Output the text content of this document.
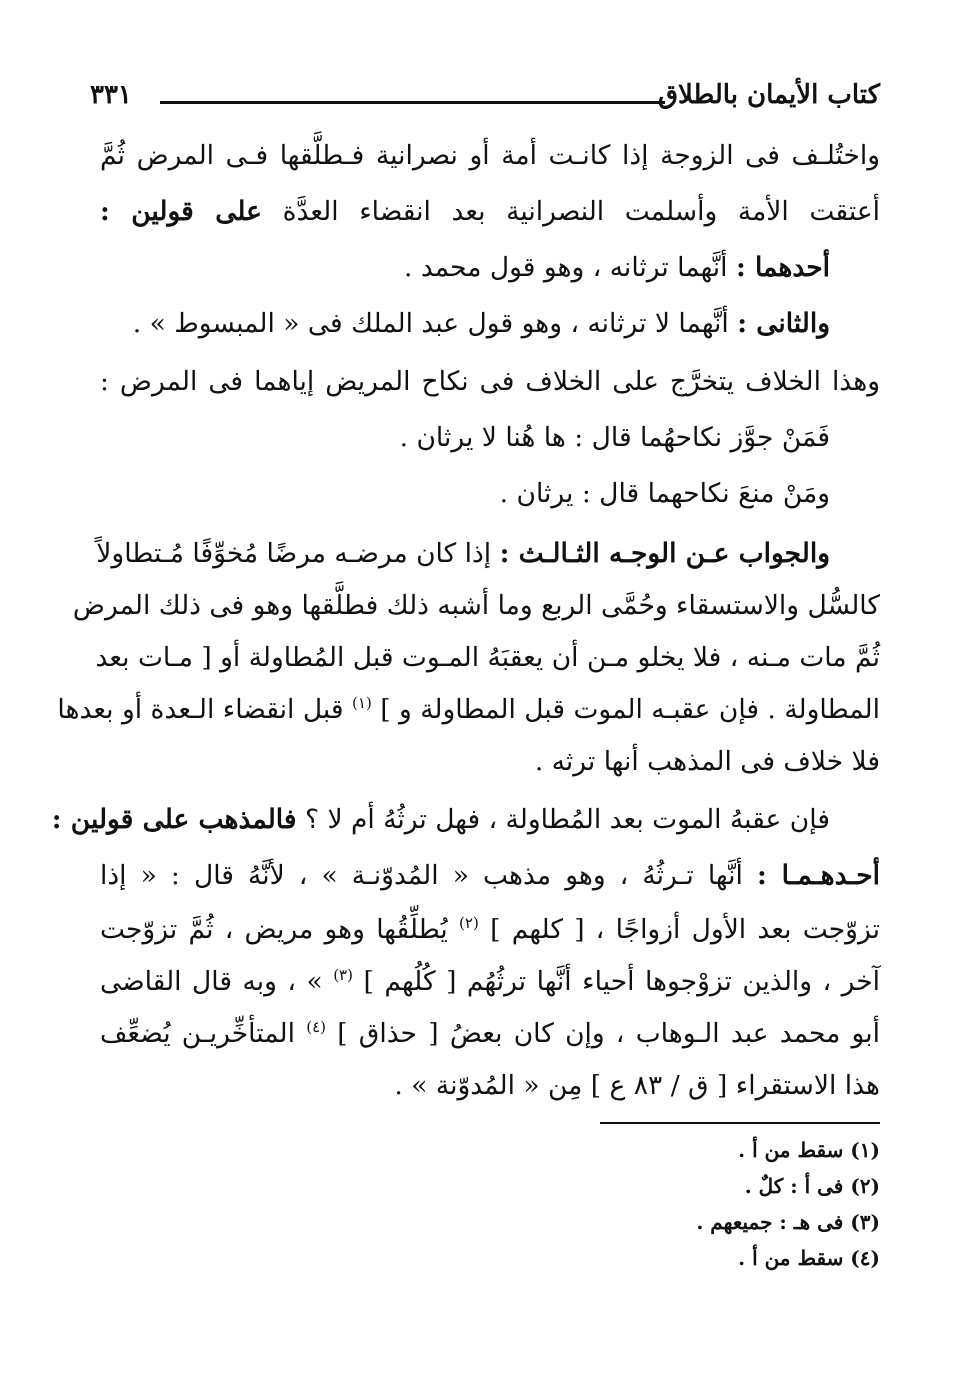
كتاب الأيمان بالطلاق
٣٣١
واختُلـف فى الزوجة إذا كانـت أمة أو نصرانية فـطلَّقها فـى المرض ثُمَّ
أعتقت الأمة وأسلمت النصرانية بعد انقضاء العدَّة على قولين :
أحدهما : أنَّهما ترثانه ، وهو قول محمد .
والثانى : أنَّهما لا ترثانه ، وهو قول عبد الملك فى « المبسوط » .
وهذا الخلاف يتخرَّج على الخلاف فى نكاح المريض إياهما فى المرض :
فَمَنْ جوَّز نكاحهُما قال : ها هُنا لا يرثان .
ومَنْ منعَ نكاحهما قال : يرثان .
والجواب عـن الوجـه الثـالـث : إذا كان مرضـه مرضًا مُخوِّفًا مُـتطاولاً
كالسُّل والاستسقاء وحُمَّى الربع وما أشبه ذلك فطلَّقها وهو فى ذلك المرض
ثُمَّ مات مـنه ، فلا يخلو مـن أن يعقبَهُ المـوت قبل المُطاولة أو [ مـات بعد
المطاولة . فإن عقبـه الموت قبل المطاولة و ] $^{(١)}$ قبل انقضاء الـعدة أو بعدها
فلا خلاف فى المذهب أنها ترثه .
فإن عقبهُ الموت بعد المُطاولة ، فهل ترثُهُ أم لا ؟ فالمذهب على قولين :
أحـدهـمـا : أنَّها تـرثُهُ ، وهو مذهب « المُدوّنـة » ، لأنَّهُ قال : « إذا
تزوّجت بعد الأول أزواجًا ، [ كلهم ] $^{(٢)}$ يُطلِّقُها وهو مريض ، ثُمَّ تزوّجت
آخر ، والذين تزوْجوها أحياء أنَّها ترثُهُم [ كُلُهم ] $^{(٣)}$ » ، وبه قال القاضى
أبو محمد عبد الـوهاب ، وإن كان بعضُ [ حذاق ] $^{(٤)}$ المتأخِّريـن يُضعِّف
هذا الاستقراء [ ق / ٨٣ ع ] مِن « المُدوّنة » .
(١) سقط من أ .
(٢) فى أ : كلٌ .
(٣) فى هـ : جميعهم .
(٤) سقط من أ .
